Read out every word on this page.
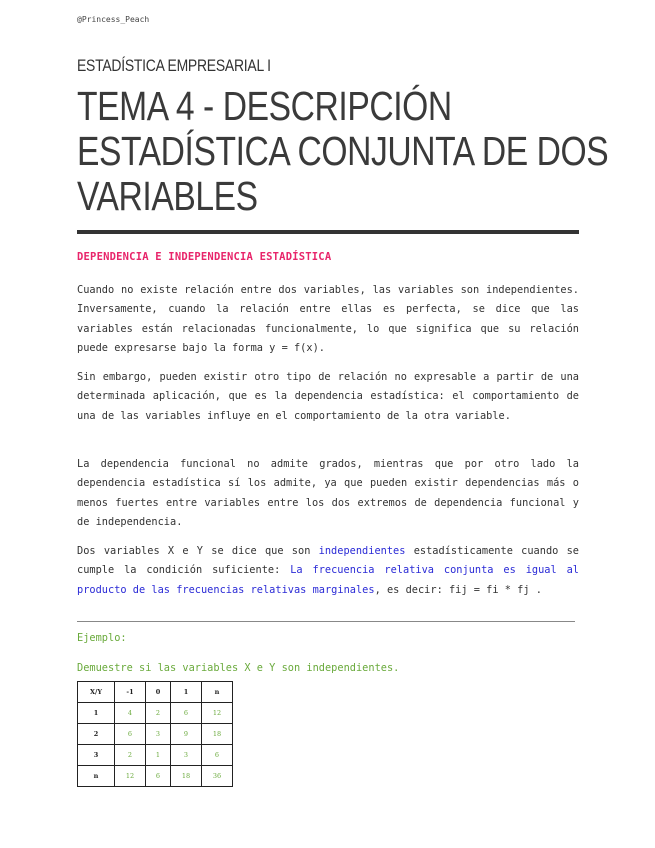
@Princess_Peach
ESTADÍSTICA EMPRESARIAL I
TEMA 4 - DESCRIPCIÓN
ESTADÍSTICA CONJUNTA DE DOS
VARIABLES
DEPENDENCIA E INDEPENDENCIA ESTADÍSTICA

Cuando no existe relación entre dos variables, las variables son independientes. Inversamente, cuando la relación entre ellas es perfecta, se dice que las variables están relacionadas funcionalmente, lo que significa que su relación puede expresarse bajo la forma y = f(x).

Sin embargo, pueden existir otro tipo de relación no expresable a partir de una determinada aplicación, que es la dependencia estadística: el comportamiento de una de las variables influye en el comportamiento de la otra variable.

La dependencia funcional no admite grados, mientras que por otro lado la dependencia estadística sí los admite, ya que pueden existir dependencias más o menos fuertes entre variables entre los dos extremos de dependencia funcional y de independencia.

Dos variables X e Y se dice que son independientes estadísticamente cuando se cumple la condición suficiente: La frecuencia relativa conjunta es igual al producto de las frecuencias relativas marginales, es decir: fij = fi * fj .

Ejemplo:
Demuestre si las variables X e Y son independientes.
X/Y	-1	0	1	n
1	4	2	6	12
2	6	3	9	18
3	2	1	3	6
n	12	6	18	36
